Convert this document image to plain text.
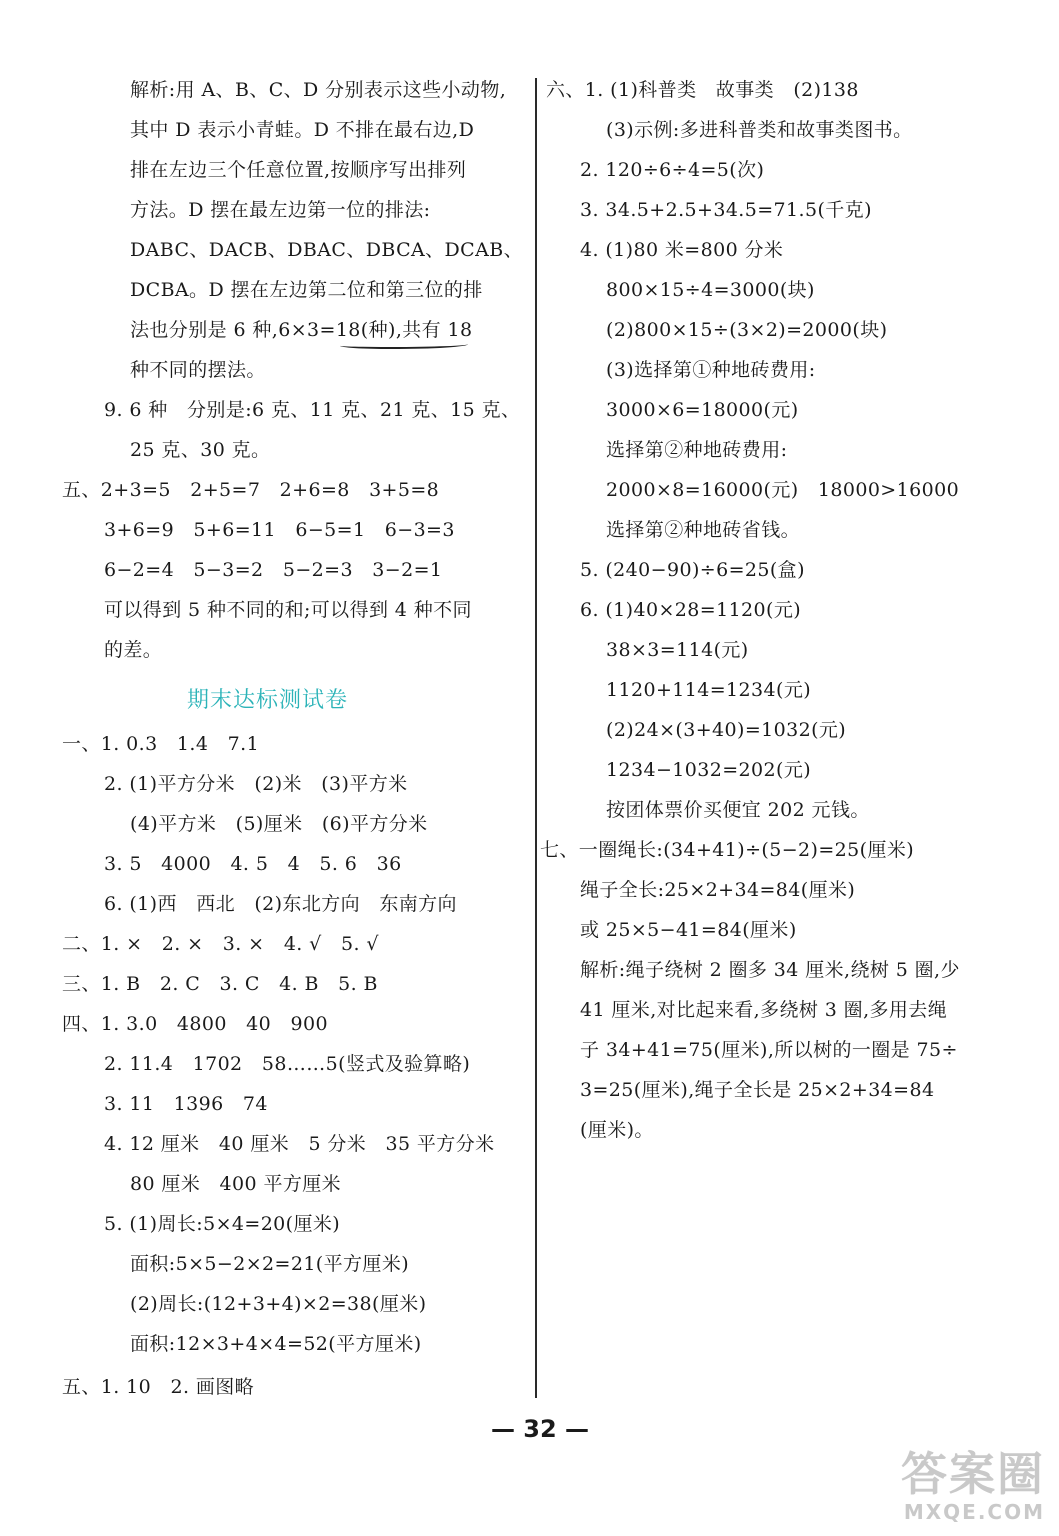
解析:用 A、B、C、D 分别表示这些小动物,
其中 D 表示小青蛙。D 不排在最右边,D
排在左边三个任意位置,按顺序写出排列
方法。D 摆在最左边第一位的排法:
DABC、DACB、DBAC、DBCA、DCAB、
DCBA。D 摆在左边第二位和第三位的排
法也分别是 6 种,6×3=18(种),共有 18
种不同的摆法。
9. 6 种   分别是:6 克、11 克、21 克、15 克、
25 克、30 克。
五、2+3=5   2+5=7   2+6=8   3+5=8
3+6=9   5+6=11   6−5=1   6−3=3
6−2=4   5−3=2   5−2=3   3−2=1
可以得到 5 种不同的和;可以得到 4 种不同
的差。
期末达标测试卷
一、1. 0.3   1.4   7.1
2. (1)平方分米   (2)米   (3)平方米
(4)平方米   (5)厘米   (6)平方分米
3. 5   4000   4. 5   4   5. 6   36
6. (1)西   西北   (2)东北方向   东南方向
二、1. ×   2. ×   3. ×   4. √   5. √
三、1. B   2. C   3. C   4. B   5. B
四、1. 3.0   4800   40   900
2. 11.4   1702   58……5(竖式及验算略)
3. 11   1396   74
4. 12 厘米   40 厘米   5 分米   35 平方分米
80 厘米   400 平方厘米
5. (1)周长:5×4=20(厘米)
面积:5×5−2×2=21(平方厘米)
(2)周长:(12+3+4)×2=38(厘米)
面积:12×3+4×4=52(平方厘米)
五、1. 10   2. 画图略
六、1. (1)科普类   故事类   (2)138
(3)示例:多进科普类和故事类图书。
2. 120÷6÷4=5(次)
3. 34.5+2.5+34.5=71.5(千克)
4. (1)80 米=800 分米
800×15÷4=3000(块)
(2)800×15÷(3×2)=2000(块)
(3)选择第①种地砖费用:
3000×6=18000(元)
选择第②种地砖费用:
2000×8=16000(元)   18000>16000
选择第②种地砖省钱。
5. (240−90)÷6=25(盒)
6. (1)40×28=1120(元)
38×3=114(元)
1120+114=1234(元)
(2)24×(3+40)=1032(元)
1234−1032=202(元)
按团体票价买便宜 202 元钱。
七、一圈绳长:(34+41)÷(5−2)=25(厘米)
绳子全长:25×2+34=84(厘米)
或 25×5−41=84(厘米)
解析:绳子绕树 2 圈多 34 厘米,绕树 5 圈,少
41 厘米,对比起来看,多绕树 3 圈,多用去绳
子 34+41=75(厘米),所以树的一圈是 75÷
3=25(厘米),绳子全长是 25×2+34=84
(厘米)。
— 32 —
答案圈
MXQE.COM
